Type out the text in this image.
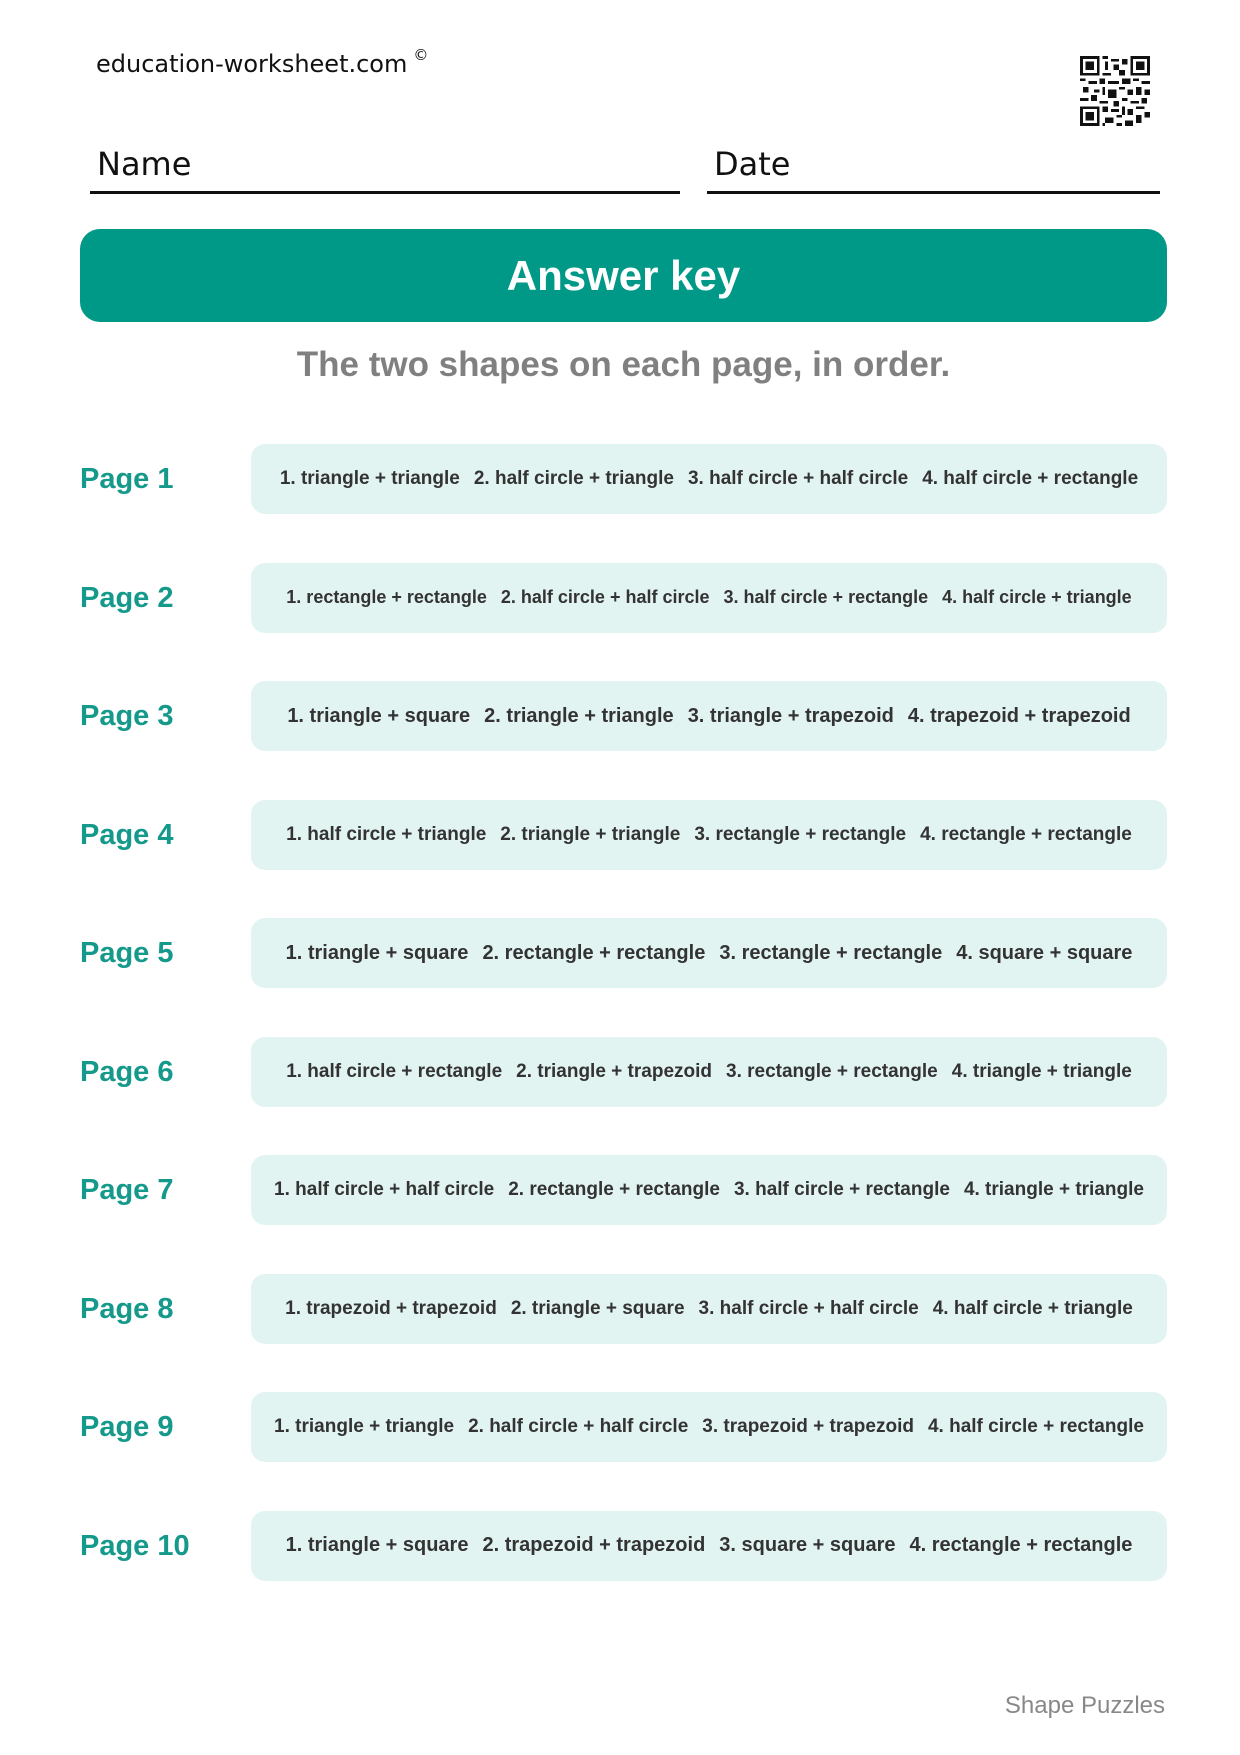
education-worksheet.com ©
Name	Date
Answer key
The two shapes on each page, in order.
Page 1	1. triangle + triangle 2. half circle + triangle 3. half circle + half circle 4. half circle + rectangle
Page 2	1. rectangle + rectangle 2. half circle + half circle 3. half circle + rectangle 4. half circle + triangle
Page 3	1. triangle + square 2. triangle + triangle 3. triangle + trapezoid 4. trapezoid + trapezoid
Page 4	1. half circle + triangle 2. triangle + triangle 3. rectangle + rectangle 4. rectangle + rectangle
Page 5	1. triangle + square 2. rectangle + rectangle 3. rectangle + rectangle 4. square + square
Page 6	1. half circle + rectangle 2. triangle + trapezoid 3. rectangle + rectangle 4. triangle + triangle
Page 7	1. half circle + half circle 2. rectangle + rectangle 3. half circle + rectangle 4. triangle + triangle
Page 8	1. trapezoid + trapezoid 2. triangle + square 3. half circle + half circle 4. half circle + triangle
Page 9	1. triangle + triangle 2. half circle + half circle 3. trapezoid + trapezoid 4. half circle + rectangle
Page 10	1. triangle + square 2. trapezoid + trapezoid 3. square + square 4. rectangle + rectangle
Shape Puzzles
